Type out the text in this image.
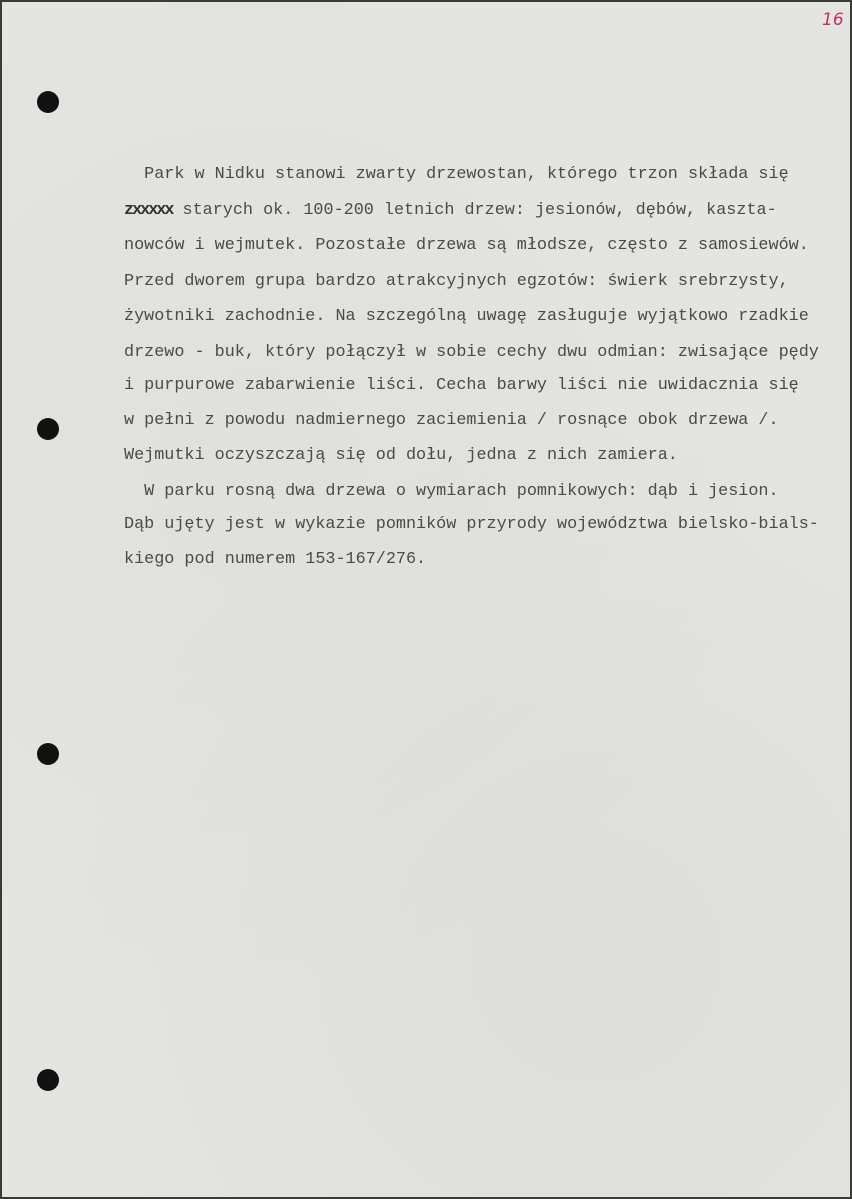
16
Park w Nidku stanowi zwarty drzewostan, którego trzon składa się
zxxxxx starych ok. 100-200 letnich drzew: jesionów, dębów, kaszta-
nowców i wejmutek. Pozostałe drzewa są młodsze, często z samosiewów.
Przed dworem grupa bardzo atrakcyjnych egzotów: świerk srebrzysty,
żywotniki zachodnie. Na szczególną uwagę zasługuje wyjątkowo rzadkie
drzewo - buk, który połączył w sobie cechy dwu odmian: zwisające pędy
i purpurowe zabarwienie liści. Cecha barwy liści nie uwidacznia się
w pełni z powodu nadmiernego zaciemienia / rosnące obok drzewa /.
Wejmutki oczyszczają się od dołu, jedna z nich zamiera.
W parku rosną dwa drzewa o wymiarach pomnikowych: dąb i jesion.
Dąb ujęty jest w wykazie pomników przyrody województwa bielsko-bials-
kiego pod numerem 153-167/276.
